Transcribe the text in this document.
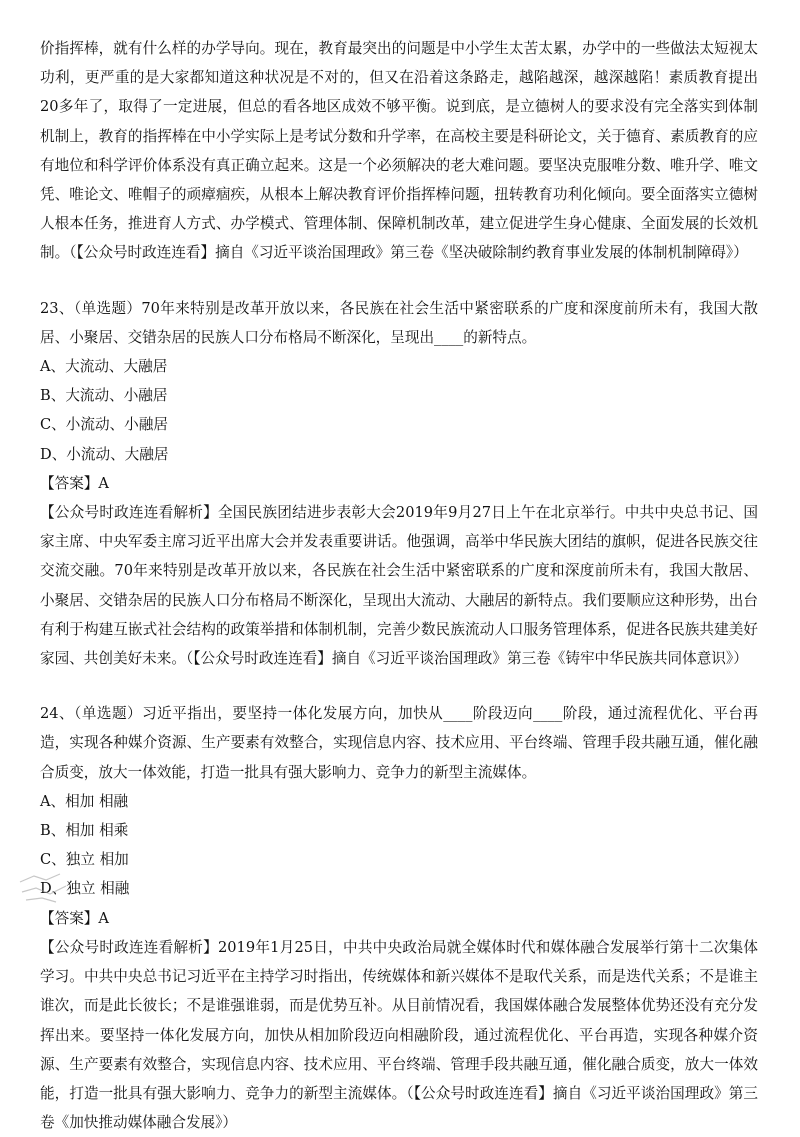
价指挥棒，就有什么样的办学导向。现在，教育最突出的问题是中小学生太苦太累，办学中的一些做法太短视太功利，更严重的是大家都知道这种状况是不对的，但又在沿着这条路走，越陷越深，越深越陷！素质教育提出20多年了，取得了一定进展，但总的看各地区成效不够平衡。说到底，是立德树人的要求没有完全落实到体制机制上，教育的指挥棒在中小学实际上是考试分数和升学率，在高校主要是科研论文，关于德育、素质教育的应有地位和科学评价体系没有真正确立起来。这是一个必须解决的老大难问题。要坚决克服唯分数、唯升学、唯文凭、唯论文、唯帽子的顽瘴痼疾，从根本上解决教育评价指挥棒问题，扭转教育功利化倾向。要全面落实立德树人根本任务，推进育人方式、办学模式、管理体制、保障机制改革，建立促进学生身心健康、全面发展的长效机制。（【公众号时政连连看】摘自《习近平谈治国理政》第三卷《坚决破除制约教育事业发展的体制机制障碍》）

23、（单选题）70年来特别是改革开放以来，各民族在社会生活中紧密联系的广度和深度前所未有，我国大散居、小聚居、交错杂居的民族人口分布格局不断深化，呈现出____的新特点。

A、大流动、大融居

B、大流动、小融居

C、小流动、小融居

D、小流动、大融居

【答案】A

【公众号时政连连看解析】全国民族团结进步表彰大会2019年9月27日上午在北京举行。中共中央总书记、国家主席、中央军委主席习近平出席大会并发表重要讲话。他强调，高举中华民族大团结的旗帜，促进各民族交往交流交融。70年来特别是改革开放以来，各民族在社会生活中紧密联系的广度和深度前所未有，我国大散居、小聚居、交错杂居的民族人口分布格局不断深化，呈现出大流动、大融居的新特点。我们要顺应这种形势，出台有利于构建互嵌式社会结构的政策举措和体制机制，完善少数民族流动人口服务管理体系，促进各民族共建美好家园、共创美好未来。（【公众号时政连连看】摘自《习近平谈治国理政》第三卷《铸牢中华民族共同体意识》）

24、（单选题）习近平指出，要坚持一体化发展方向，加快从____阶段迈向____阶段，通过流程优化、平台再造，实现各种媒介资源、生产要素有效整合，实现信息内容、技术应用、平台终端、管理手段共融互通，催化融合质变，放大一体效能，打造一批具有强大影响力、竞争力的新型主流媒体。

A、相加 相融

B、相加 相乘

C、独立 相加

D、独立 相融

【答案】A

【公众号时政连连看解析】2019年1月25日，中共中央政治局就全媒体时代和媒体融合发展举行第十二次集体学习。中共中央总书记习近平在主持学习时指出，传统媒体和新兴媒体不是取代关系，而是迭代关系；不是谁主谁次，而是此长彼长；不是谁强谁弱，而是优势互补。从目前情况看，我国媒体融合发展整体优势还没有充分发挥出来。要坚持一体化发展方向，加快从相加阶段迈向相融阶段，通过流程优化、平台再造，实现各种媒介资源、生产要素有效整合，实现信息内容、技术应用、平台终端、管理手段共融互通，催化融合质变，放大一体效能，打造一批具有强大影响力、竞争力的新型主流媒体。（【公众号时政连连看】摘自《习近平谈治国理政》第三卷《加快推动媒体融合发展》）
